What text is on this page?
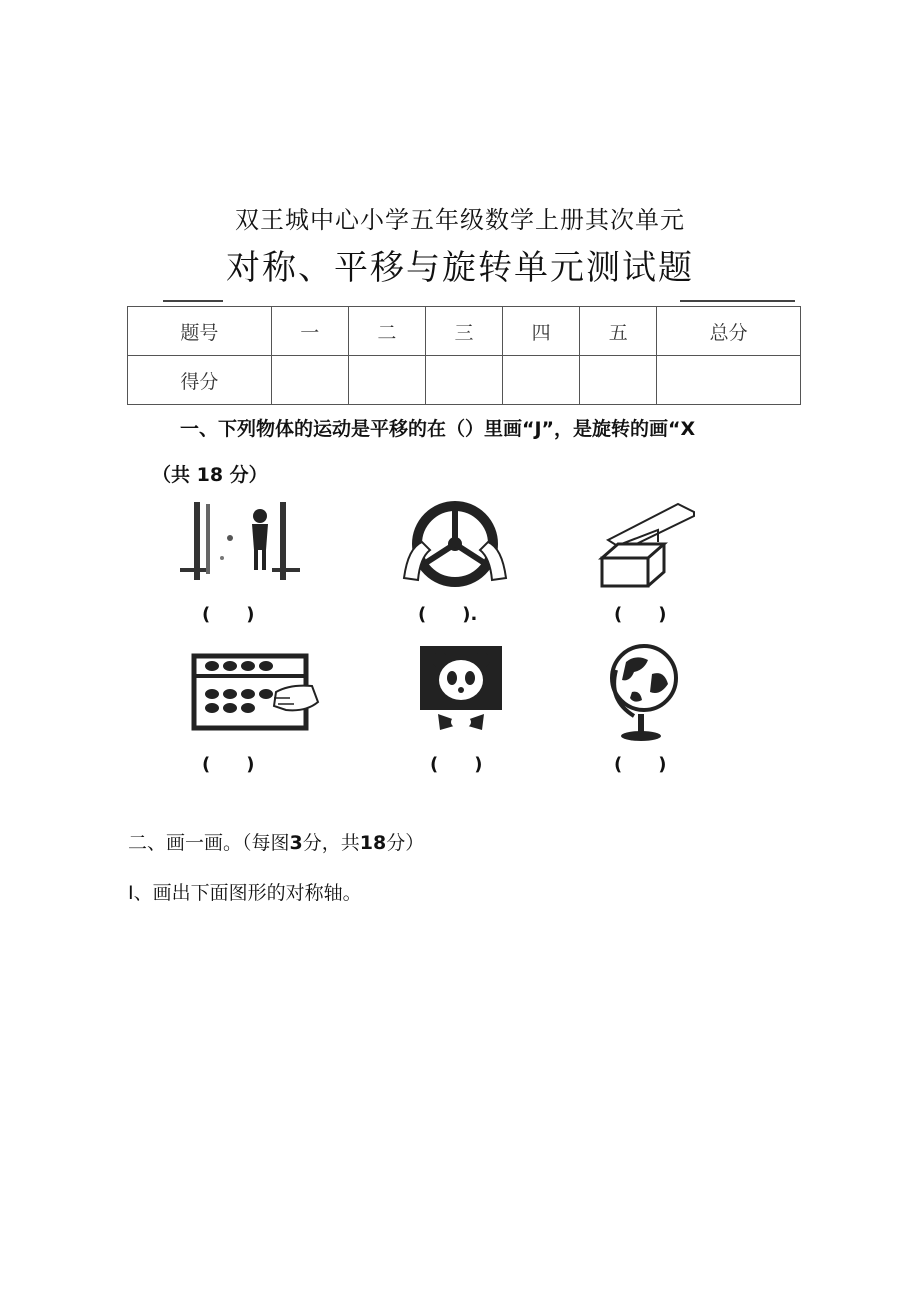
双王城中心小学五年级数学上册其次单元
对称、平移与旋转单元测试题
题号	一	二	三	四	五	总分
得分						
一、下列物体的运动是平移的在（）里画“J”，是旋转的画“X
（共 18 分）
(　　)	(　　).	(　　)
(　　)	(　　)	(　　)
二、画一画。（每图3分，共18分）
I、画出下面图形的对称轴。
